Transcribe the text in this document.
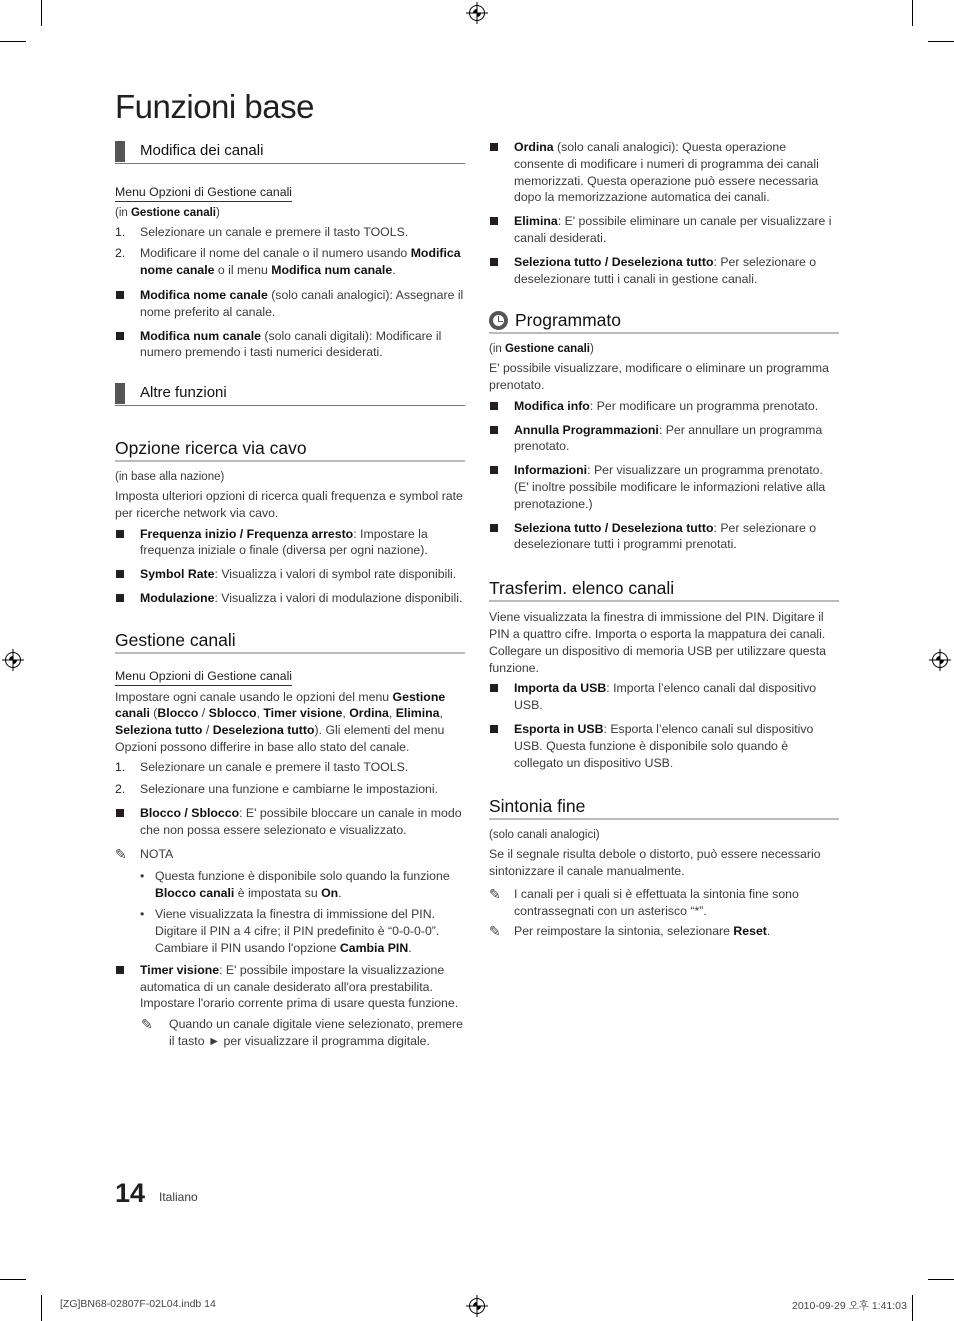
Funzioni base
Modifica dei canali
Menu Opzioni di Gestione canali
(in Gestione canali)
1. Selezionare un canale e premere il tasto TOOLS.
2. Modificare il nome del canale o il numero usando Modifica nome canale o il menu Modifica num canale.
Modifica nome canale (solo canali analogici): Assegnare il nome preferito al canale.
Modifica num canale (solo canali digitali): Modificare il numero premendo i tasti numerici desiderati.
Altre funzioni
Opzione ricerca via cavo
(in base alla nazione)
Imposta ulteriori opzioni di ricerca quali frequenza e symbol rate per ricerche network via cavo.
Frequenza inizio / Frequenza arresto: Impostare la frequenza iniziale o finale (diversa per ogni nazione).
Symbol Rate: Visualizza i valori di symbol rate disponibili.
Modulazione: Visualizza i valori di modulazione disponibili.
Gestione canali
Menu Opzioni di Gestione canali
Impostare ogni canale usando le opzioni del menu Gestione canali (Blocco / Sblocco, Timer visione, Ordina, Elimina, Seleziona tutto / Deseleziona tutto). Gli elementi del menu Opzioni possono differire in base allo stato del canale.
1. Selezionare un canale e premere il tasto TOOLS.
2. Selezionare una funzione e cambiarne le impostazioni.
Blocco / Sblocco: E' possibile bloccare un canale in modo che non possa essere selezionato e visualizzato.
✎ NOTA
• Questa funzione è disponibile solo quando la funzione Blocco canali è impostata su On.
• Viene visualizzata la finestra di immissione del PIN. Digitare il PIN a 4 cifre; il PIN predefinito è “0-0-0-0”. Cambiare il PIN usando l'opzione Cambia PIN.
Timer visione: E' possibile impostare la visualizzazione automatica di un canale desiderato all'ora prestabilita. Impostare l'orario corrente prima di usare questa funzione.
✎ Quando un canale digitale viene selezionato, premere il tasto ► per visualizzare il programma digitale.
Ordina (solo canali analogici): Questa operazione consente di modificare i numeri di programma dei canali memorizzati. Questa operazione può essere necessaria dopo la memorizzazione automatica dei canali.
Elimina: E' possibile eliminare un canale per visualizzare i canali desiderati.
Seleziona tutto / Deseleziona tutto: Per selezionare o deselezionare tutti i canali in gestione canali.
Programmato
(in Gestione canali)
E' possibile visualizzare, modificare o eliminare un programma prenotato.
Modifica info: Per modificare un programma prenotato.
Annulla Programmazioni: Per annullare un programma prenotato.
Informazioni: Per visualizzare un programma prenotato. (E' inoltre possibile modificare le informazioni relative alla prenotazione.)
Seleziona tutto / Deseleziona tutto: Per selezionare o deselezionare tutti i programmi prenotati.
Trasferim. elenco canali
Viene visualizzata la finestra di immissione del PIN. Digitare il PIN a quattro cifre. Importa o esporta la mappatura dei canali. Collegare un dispositivo di memoria USB per utilizzare questa funzione.
Importa da USB: Importa l’elenco canali dal dispositivo USB.
Esporta in USB: Esporta l’elenco canali sul dispositivo USB. Questa funzione è disponibile solo quando è collegato un dispositivo USB.
Sintonia fine
(solo canali analogici)
Se il segnale risulta debole o distorto, può essere necessario sintonizzare il canale manualmente.
✎ I canali per i quali si è effettuata la sintonia fine sono contrassegnati con un asterisco “*”.
✎ Per reimpostare la sintonia, selezionare Reset.
14 Italiano
[ZG]BN68-02807F-02L04.indb 14	2010-09-29 오후 1:41:03
